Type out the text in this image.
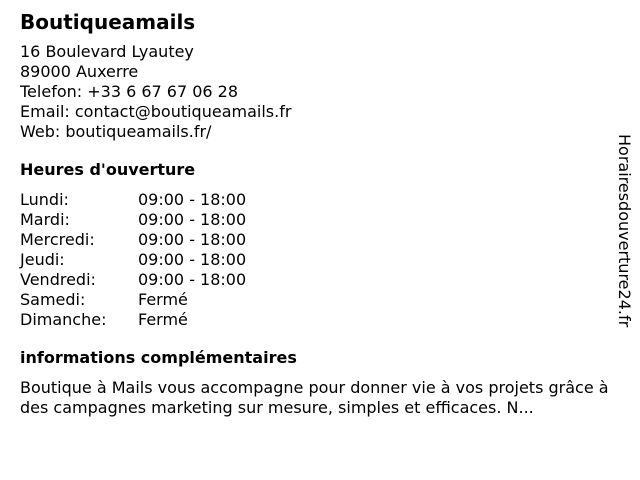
Boutiqueamails
16 Boulevard Lyautey
89000 Auxerre
Telefon: +33 6 67 67 06 28
Email: contact@boutiqueamails.fr
Web: boutiqueamails.fr/
Heures d'ouverture
Lundi:	09:00 - 18:00
Mardi:	09:00 - 18:00
Mercredi:	09:00 - 18:00
Jeudi:	09:00 - 18:00
Vendredi:	09:00 - 18:00
Samedi:	Fermé
Dimanche:	Fermé
informations complémentaires

Boutique à Mails vous accompagne pour donner vie à vos projets grâce à des campagnes marketing sur mesure, simples et efficaces. N...

Horairesdouverture24.fr
